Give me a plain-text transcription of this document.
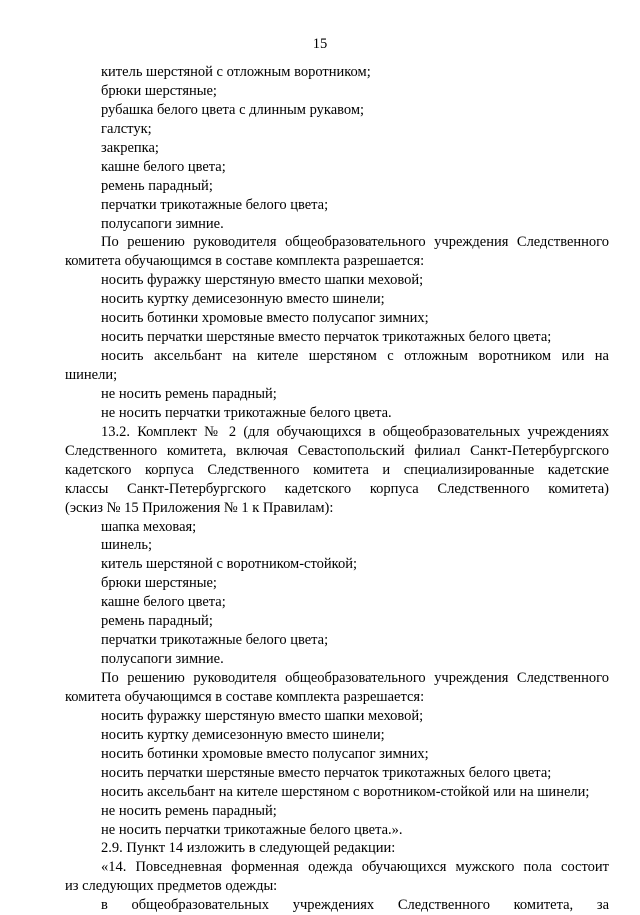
15
китель шерстяной с отложным воротником;
брюки шерстяные;
рубашка белого цвета с длинным рукавом;
галстук;
закрепка;
кашне белого цвета;
ремень парадный;
перчатки трикотажные белого цвета;
полусапоги зимние.
По решению руководителя общеобразовательного учреждения Следственного
комитета обучающимся в составе комплекта разрешается:
носить фуражку шерстяную вместо шапки меховой;
носить куртку демисезонную вместо шинели;
носить ботинки хромовые вместо полусапог зимних;
носить перчатки шерстяные вместо перчаток трикотажных белого цвета;
носить аксельбант на кителе шерстяном с отложным воротником или на
шинели;
не носить ремень парадный;
не носить перчатки трикотажные белого цвета.
13.2. Комплект № 2 (для обучающихся в общеобразовательных учреждениях
Следственного комитета, включая Севастопольский филиал Санкт-Петербургского
кадетского корпуса Следственного комитета и специализированные кадетские
классы Санкт-Петербургского кадетского корпуса Следственного комитета)
(эскиз № 15 Приложения № 1 к Правилам):
шапка меховая;
шинель;
китель шерстяной с воротником-стойкой;
брюки шерстяные;
кашне белого цвета;
ремень парадный;
перчатки трикотажные белого цвета;
полусапоги зимние.
По решению руководителя общеобразовательного учреждения Следственного
комитета обучающимся в составе комплекта разрешается:
носить фуражку шерстяную вместо шапки меховой;
носить куртку демисезонную вместо шинели;
носить ботинки хромовые вместо полусапог зимних;
носить перчатки шерстяные вместо перчаток трикотажных белого цвета;
носить аксельбант на кителе шерстяном с воротником-стойкой или на шинели;
не носить ремень парадный;
не носить перчатки трикотажные белого цвета.».
2.9. Пункт 14 изложить в следующей редакции:
«14. Повседневная форменная одежда обучающихся мужского пола состоит
из следующих предметов одежды:
в общеобразовательных учреждениях Следственного комитета, за
